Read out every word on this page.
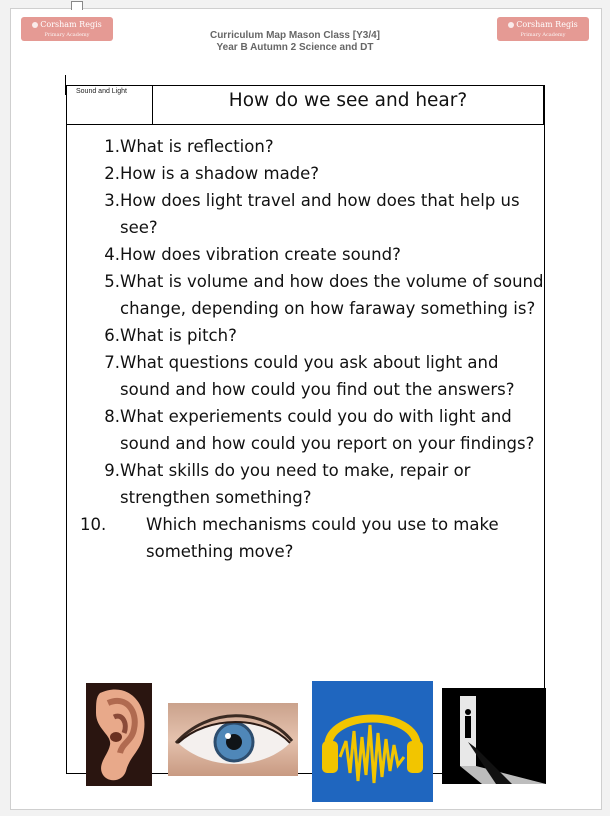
Corsham Regis
Primary Academy
Corsham Regis
Primary Academy
Curriculum Map Mason Class [Y3/4]
Year B Autumn 2 Science and DT
Sound and Light	How do we see and hear?
1. What is reflection?
2. How is a shadow made?
3. How does light travel and how does that help us see?
4. How does vibration create sound?
5. What is volume and how does the volume of sound change, depending on how faraway something is?
6. What is pitch?
7. What questions could you ask about light and sound and how could you find out the answers?
8. What experiements could you do with light and sound and how could you report on your findings?
9. What skills do you need to make, repair or strengthen something?
10.	Which mechanisms could you use to make something move?
